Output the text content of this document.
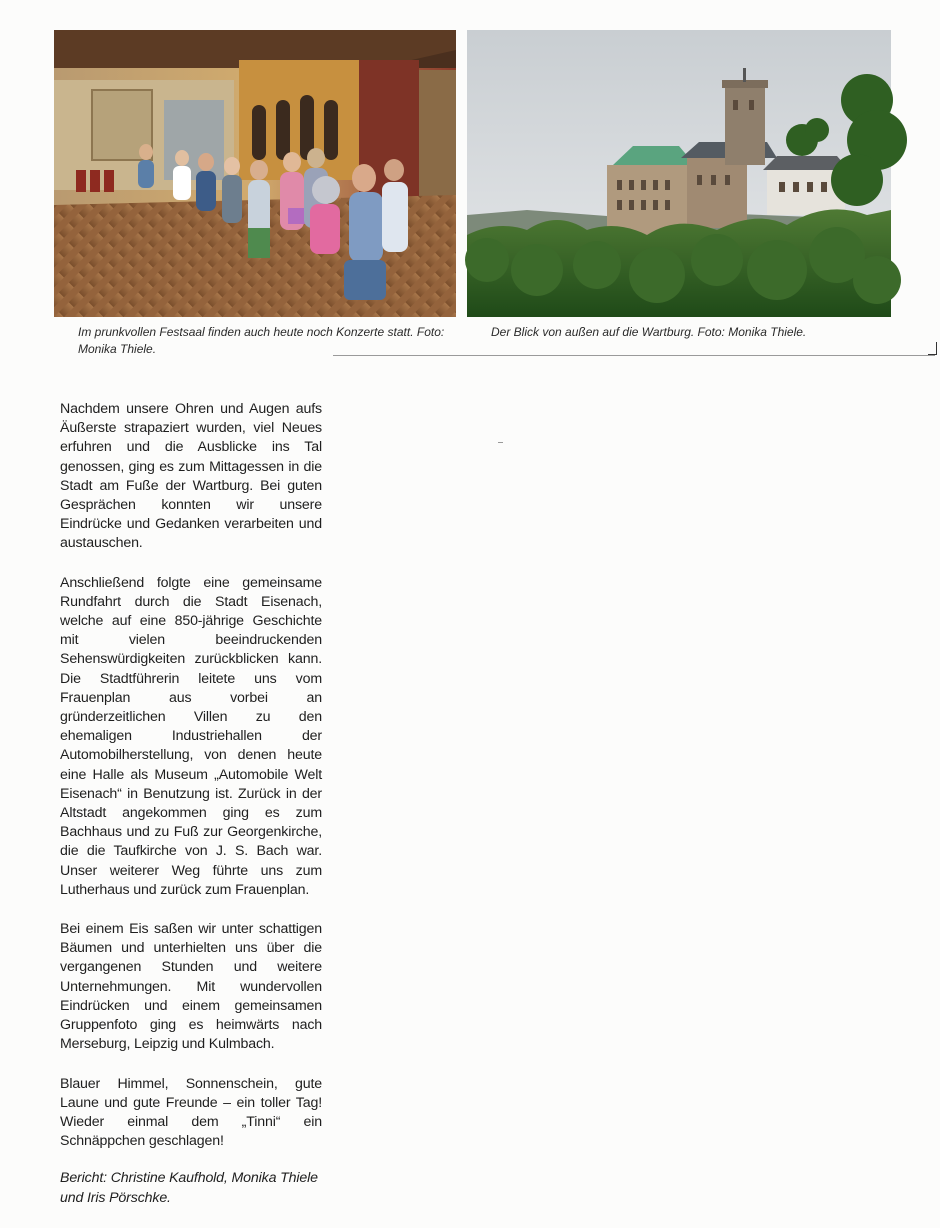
Im prunkvollen Festsaal finden auch heute noch Konzerte statt. Foto: Monika Thiele.

Der Blick von außen auf die Wartburg. Foto: Monika Thiele.

Nachdem unsere Ohren und Augen aufs Äußerste strapaziert wurden, viel Neues erfuhren und die Ausblicke ins Tal genossen, ging es zum Mittagessen in die Stadt am Fuße der Wartburg. Bei guten Gesprächen konnten wir unsere Eindrücke und Gedanken verarbeiten und austauschen.

Anschließend folgte eine gemeinsame Rundfahrt durch die Stadt Eisenach, welche auf eine 850-jährige Geschichte mit vielen beeindruckenden Sehenswürdigkeiten zurückblicken kann. Die Stadtführerin leitete uns vom Frauenplan aus vorbei an gründerzeitlichen Villen zu den ehemaligen Industriehallen der Automobilherstellung, von denen heute eine Halle als Museum „Automobile Welt Eisenach“ in Benutzung ist. Zurück in der Altstadt angekommen ging es zum Bachhaus und zu Fuß zur Georgenkirche, die die Taufkirche von J. S. Bach war. Unser weiterer Weg führte uns zum Lutherhaus und zurück zum Frauenplan.

Bei einem Eis saßen wir unter schattigen Bäumen und unterhielten uns über die vergangenen Stunden und weitere Unternehmungen. Mit wundervollen Eindrücken und einem gemeinsamen Gruppenfoto ging es heimwärts nach Merseburg, Leipzig und Kulmbach.

Blauer Himmel, Sonnenschein, gute Laune und gute Freunde – ein toller Tag! Wieder einmal dem „Tinni“ ein Schnäppchen geschlagen!

Bericht: Christine Kaufhold, Monika Thiele und Iris Pörschke.
